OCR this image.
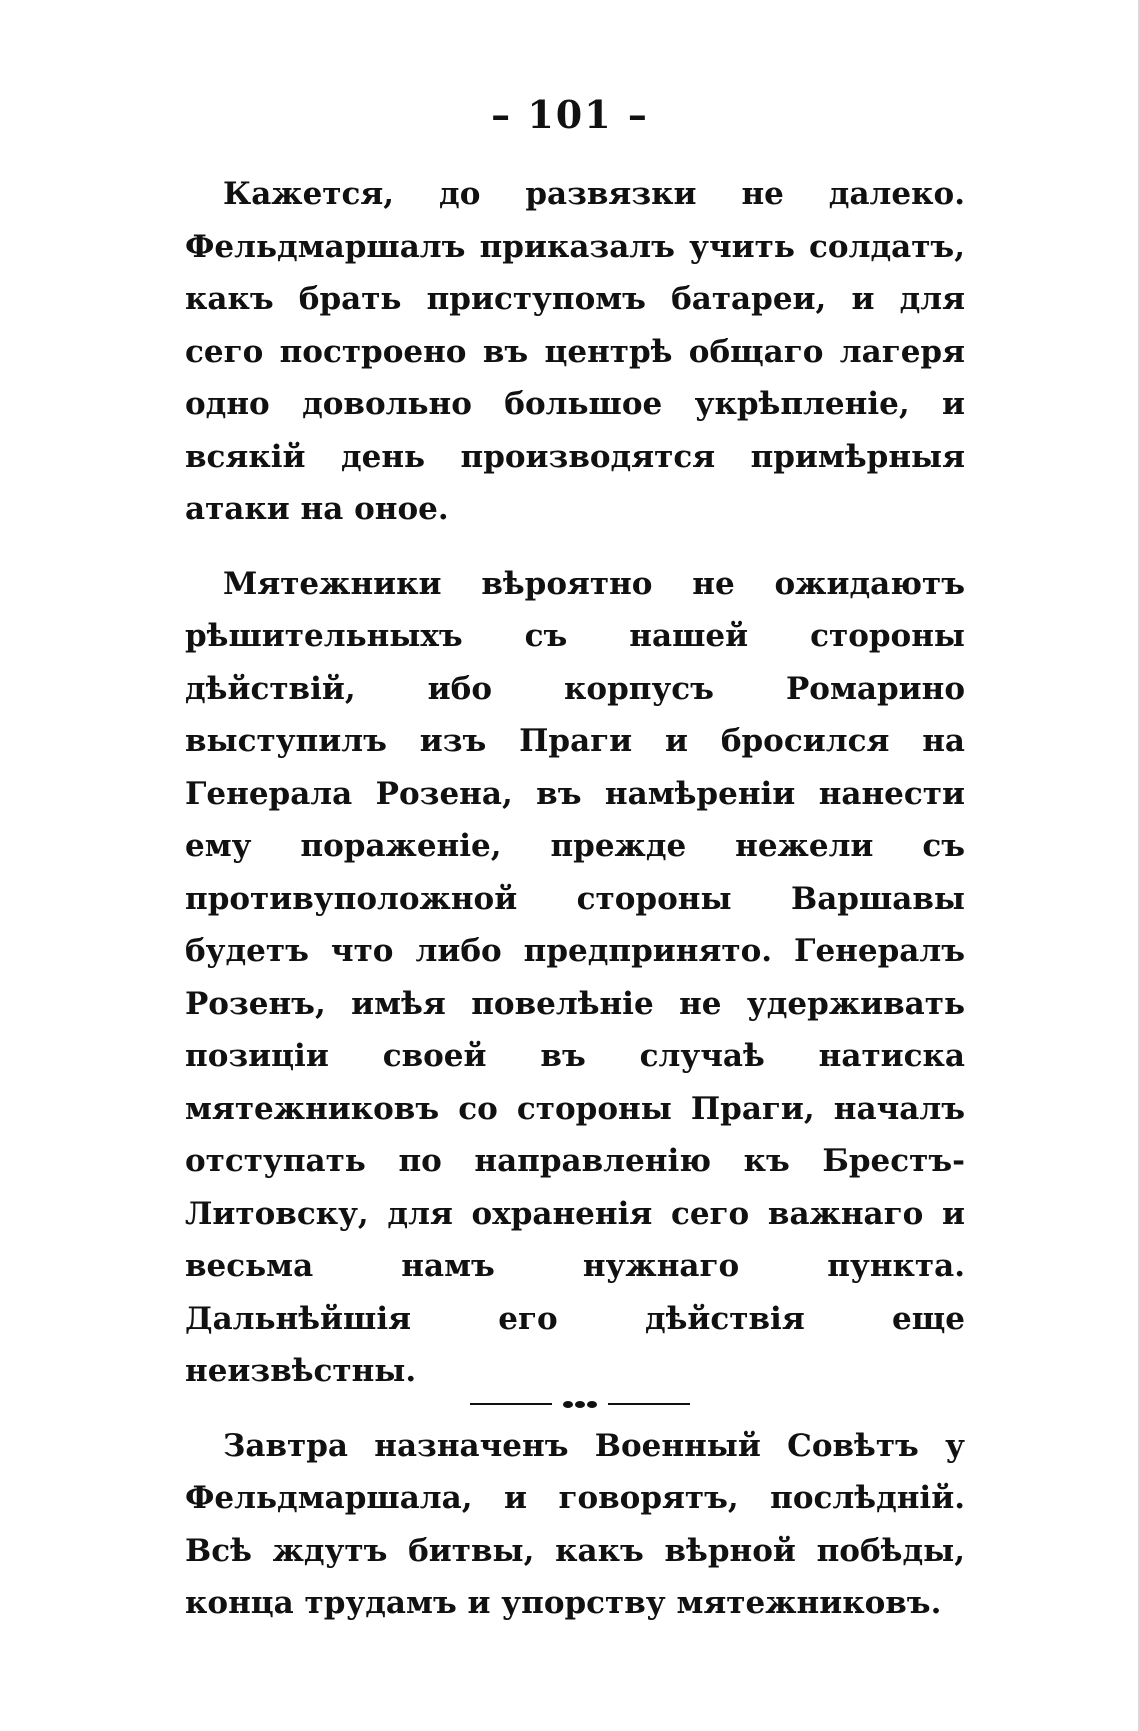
– 101 –

Кажется, до развязки не далеко. Фельдмаршалъ приказалъ учить солдатъ, какъ брать приступомъ батареи, и для сего построено въ центрѣ общаго лагеря одно довольно большое укрѣпленіе, и всякій день производятся примѣрныя атаки на оное.

Мятежники вѣроятно не ожидаютъ рѣшительныхъ съ нашей стороны дѣйствій, ибо корпусъ Ромарино выступилъ изъ Праги и бросился на Генерала Розена, въ намѣреніи нанести ему пораженіе, прежде нежели съ противуположной стороны Варшавы будетъ что либо предпринято. Генералъ Розенъ, имѣя повелѣніе не удерживать позиціи своей въ случаѣ натиска мятежниковъ со стороны Праги, началъ отступать по направленію къ Брестъ-Литовску, для охраненія сего важнаго и весьма намъ нужнаго пункта. Дальнѣйшія его дѣйствія еще неизвѣстны.

Завтра назначенъ Военный Совѣтъ у Фельдмаршала, и говорятъ, послѣдній. Всѣ ждутъ битвы, какъ вѣрной побѣды, конца трудамъ и упорству мятежниковъ.
